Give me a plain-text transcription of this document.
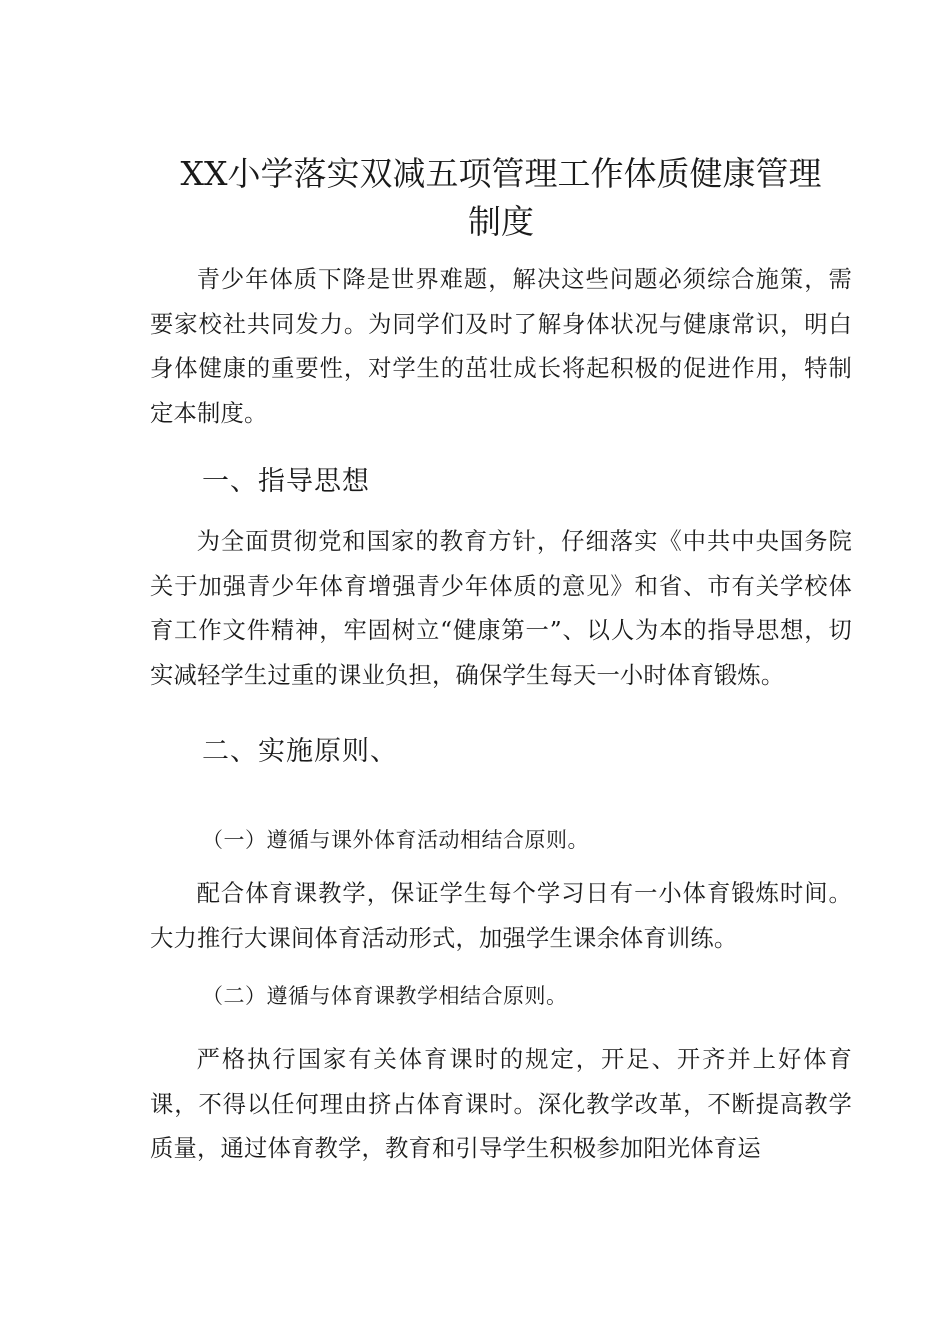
XX小学落实双减五项管理工作体质健康管理
制度

青少年体质下降是世界难题，解决这些问题必须综合施策，需要家校社共同发力。为同学们及时了解身体状况与健康常识，明白身体健康的重要性，对学生的茁壮成长将起积极的促进作用，特制定本制度。

一、指导思想

为全面贯彻党和国家的教育方针，仔细落实《中共中央国务院关于加强青少年体育增强青少年体质的意见》和省、市有关学校体育工作文件精神，牢固树立“健康第一”、以人为本的指导思想，切实减轻学生过重的课业负担，确保学生每天一小时体育锻炼。

二、实施原则、
（一）遵循与课外体育活动相结合原则。

配合体育课教学，保证学生每个学习日有一小体育锻炼时间。大力推行大课间体育活动形式，加强学生课余体育训练。

（二）遵循与体育课教学相结合原则。

严格执行国家有关体育课时的规定，开足、开齐并上好体育课，不得以任何理由挤占体育课时。深化教学改革，不断提高教学质量，通过体育教学，教育和引导学生积极参加阳光体育运
